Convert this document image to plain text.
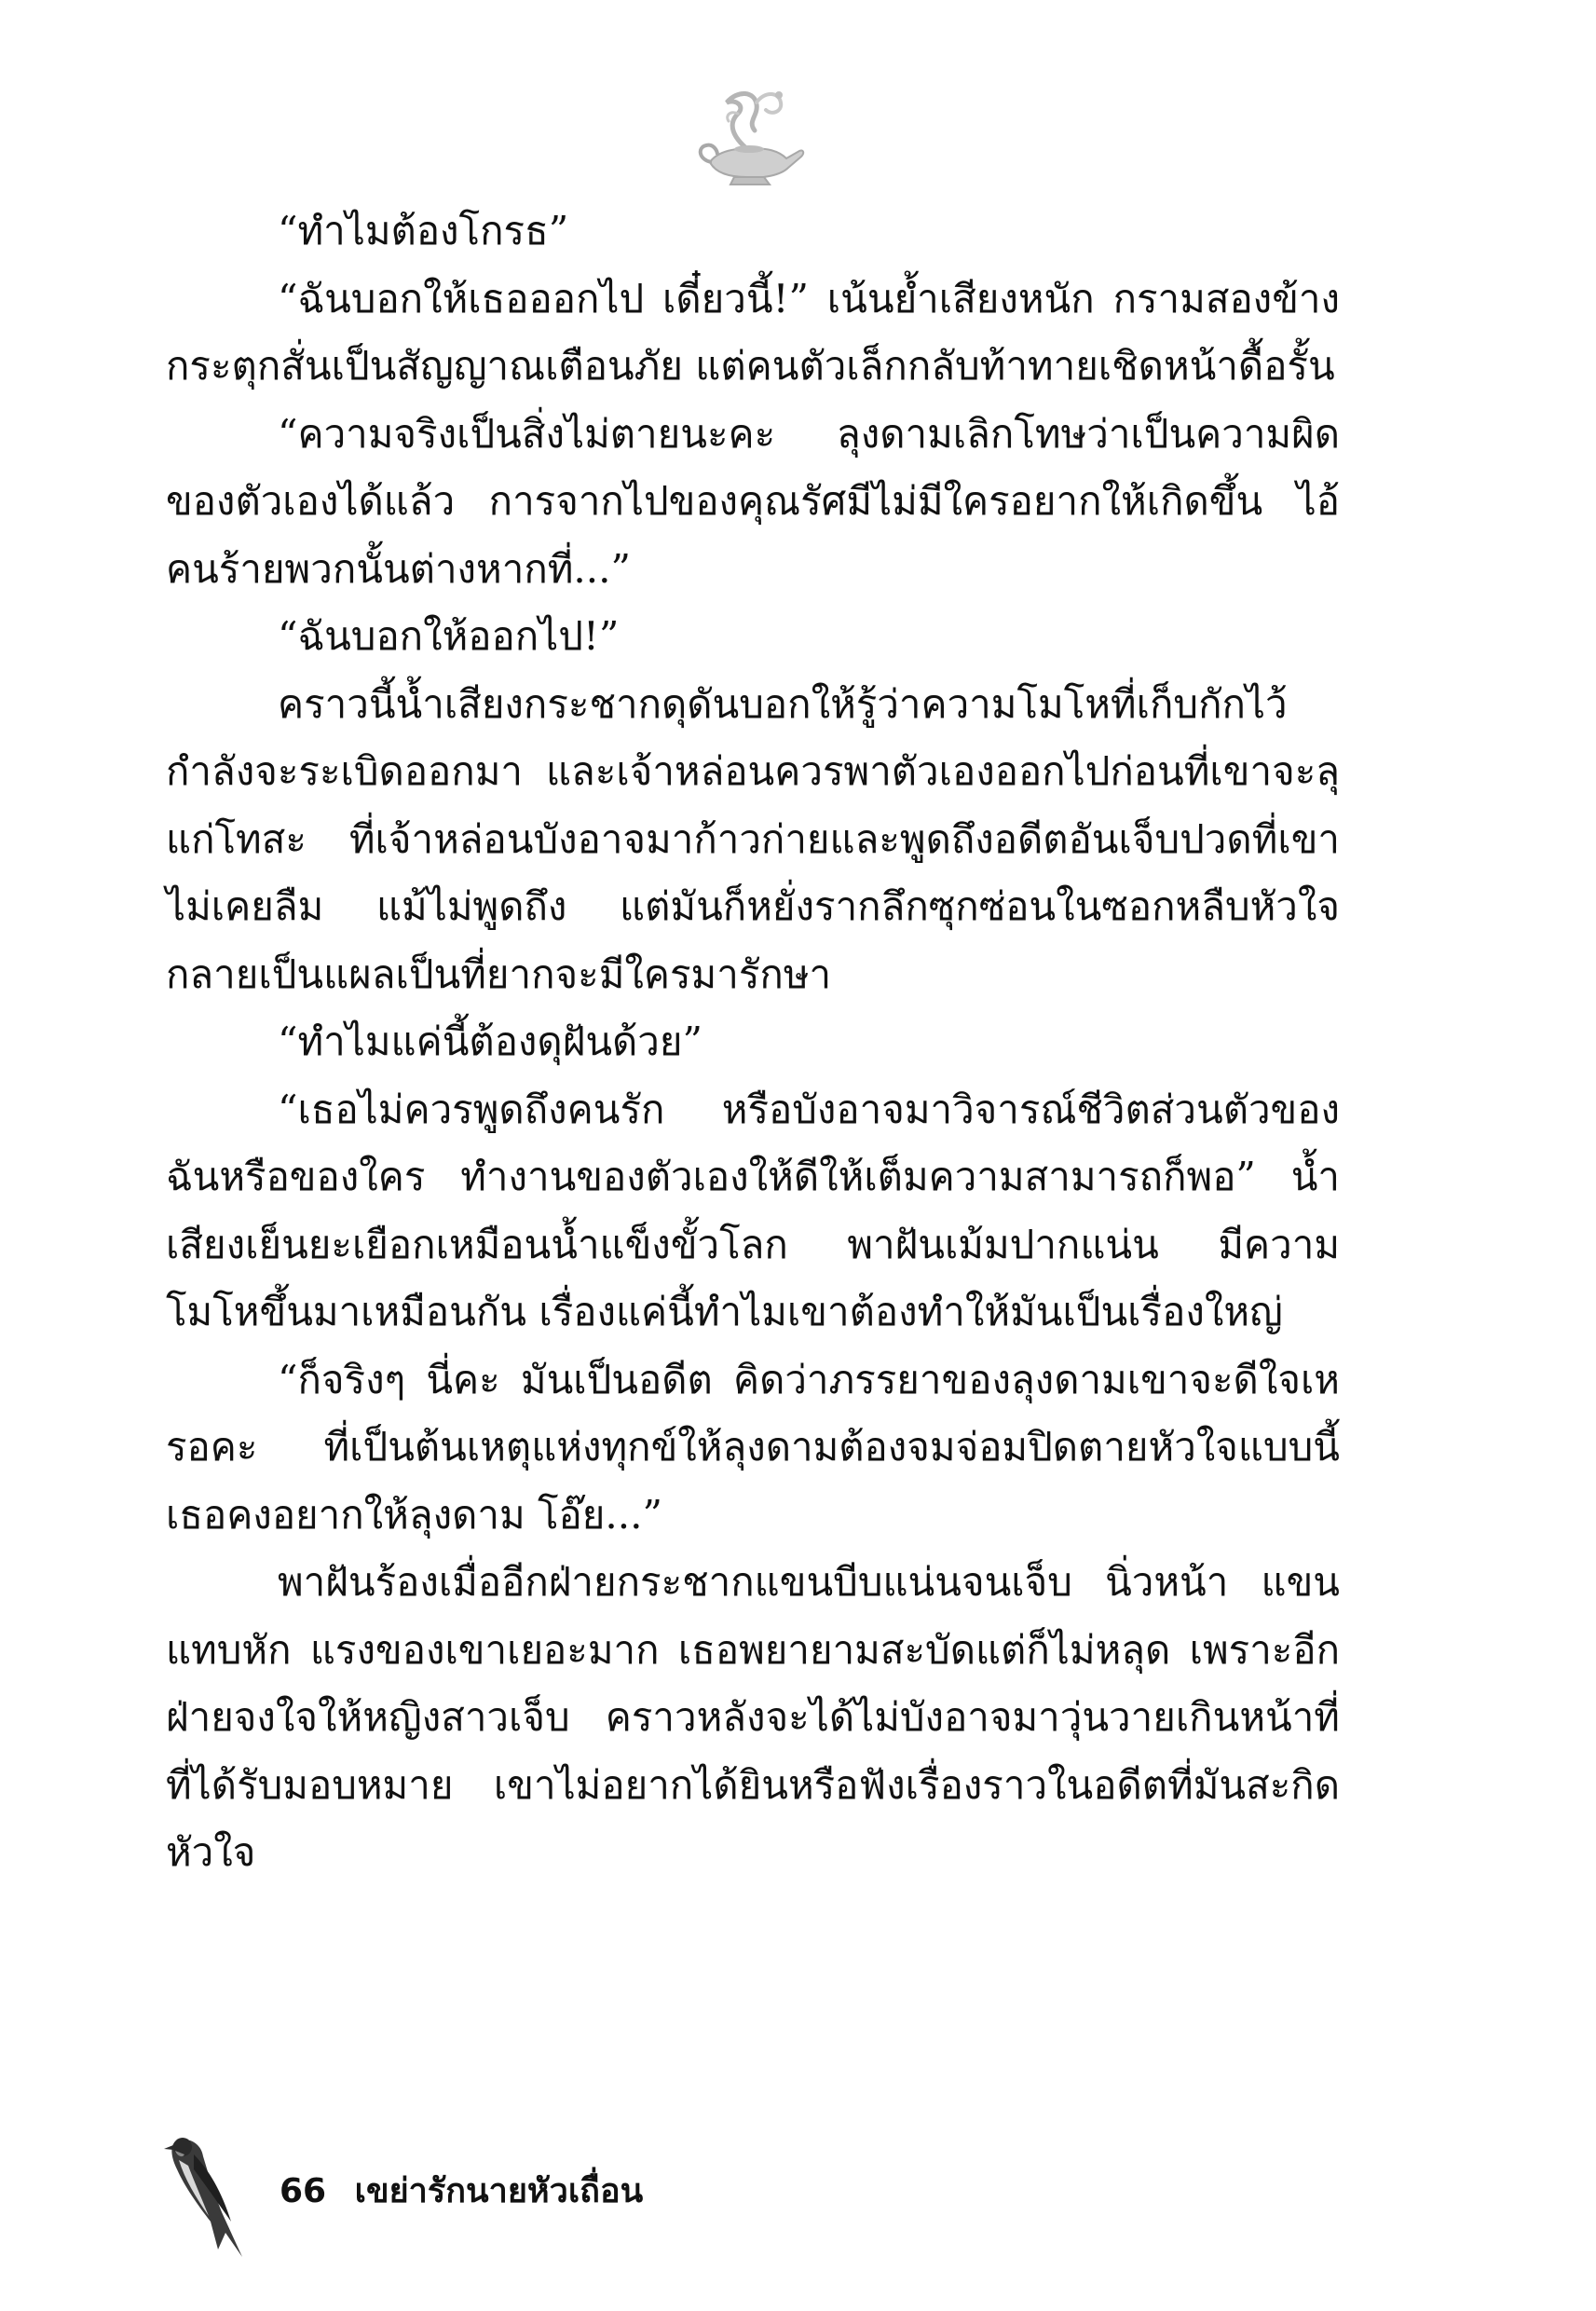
“ทำไมต้องโกรธ”

“ฉันบอกให้เธอออกไป เดี๋ยวนี้!” เน้นย้ำเสียงหนัก กรามสองข้างกระตุกสั่นเป็นสัญญาณเตือนภัย แต่คนตัวเล็กกลับท้าทายเชิดหน้าดื้อรั้น

“ความจริงเป็นสิ่งไม่ตายนะคะ ลุงดามเลิกโทษว่าเป็นความผิดของตัวเองได้แล้ว การจากไปของคุณรัศมีไม่มีใครอยากให้เกิดขึ้น ไอ้คนร้ายพวกนั้นต่างหากที่...”

“ฉันบอกให้ออกไป!”

คราวนี้น้ำเสียงกระชากดุดันบอกให้รู้ว่าความโมโหที่เก็บกักไว้กำลังจะระเบิดออกมา และเจ้าหล่อนควรพาตัวเองออกไปก่อนที่เขาจะลุแก่โทสะ ที่เจ้าหล่อนบังอาจมาก้าวก่ายและพูดถึงอดีตอันเจ็บปวดที่เขาไม่เคยลืม แม้ไม่พูดถึง แต่มันก็หยั่งรากลึกซุกซ่อนในซอกหลืบหัวใจ กลายเป็นแผลเป็นที่ยากจะมีใครมารักษา

“ทำไมแค่นี้ต้องดุฝันด้วย”

“เธอไม่ควรพูดถึงคนรัก หรือบังอาจมาวิจารณ์ชีวิตส่วนตัวของฉันหรือของใคร ทำงานของตัวเองให้ดีให้เต็มความสามารถก็พอ” น้ำเสียงเย็นยะเยือกเหมือนน้ำแข็งขั้วโลก พาฝันเม้มปากแน่น มีความโมโหขึ้นมาเหมือนกัน เรื่องแค่นี้ทำไมเขาต้องทำให้มันเป็นเรื่องใหญ่

“ก็จริงๆ นี่คะ มันเป็นอดีต คิดว่าภรรยาของลุงดามเขาจะดีใจเหรอคะ ที่เป็นต้นเหตุแห่งทุกข์ให้ลุงดามต้องจมจ่อมปิดตายหัวใจแบบนี้ เธอคงอยากให้ลุงดาม โอ๊ย...”

พาฝันร้องเมื่ออีกฝ่ายกระชากแขนบีบแน่นจนเจ็บ นิ่วหน้า แขนแทบหัก แรงของเขาเยอะมาก เธอพยายามสะบัดแต่ก็ไม่หลุด เพราะอีกฝ่ายจงใจให้หญิงสาวเจ็บ คราวหลังจะได้ไม่บังอาจมาวุ่นวายเกินหน้าที่ที่ได้รับมอบหมาย เขาไม่อยากได้ยินหรือฟังเรื่องราวในอดีตที่มันสะกิดหัวใจ

66 เขย่ารักนายหัวเถื่อน
